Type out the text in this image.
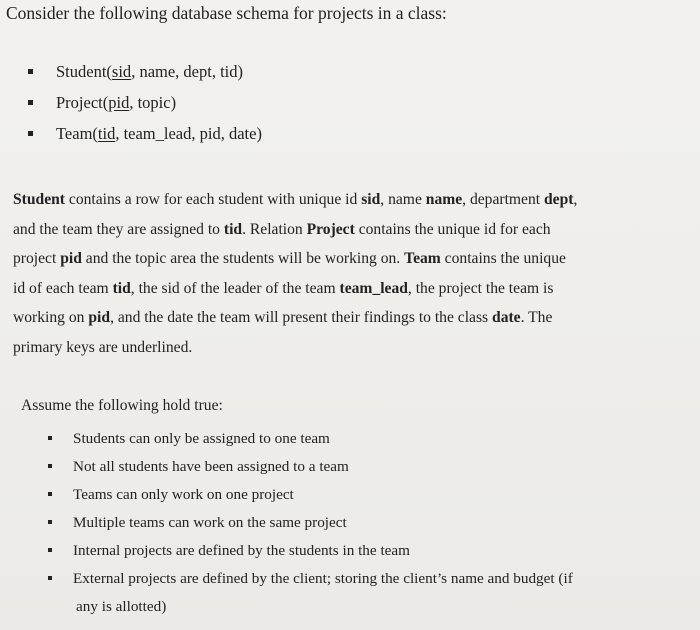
Consider the following database schema for projects in a class:
Student(sid, name, dept, tid)
Project(pid, topic)
Team(tid, team_lead, pid, date)
Student contains a row for each student with unique id sid, name name, department dept,
and the team they are assigned to tid. Relation Project contains the unique id for each
project pid and the topic area the students will be working on. Team contains the unique
id of each team tid, the sid of the leader of the team team_lead, the project the team is
working on pid, and the date the team will present their findings to the class date. The
primary keys are underlined.
Assume the following hold true:
Students can only be assigned to one team
Not all students have been assigned to a team
Teams can only work on one project
Multiple teams can work on the same project
Internal projects are defined by the students in the team
External projects are defined by the client; storing the client’s name and budget (if
any is allotted)
